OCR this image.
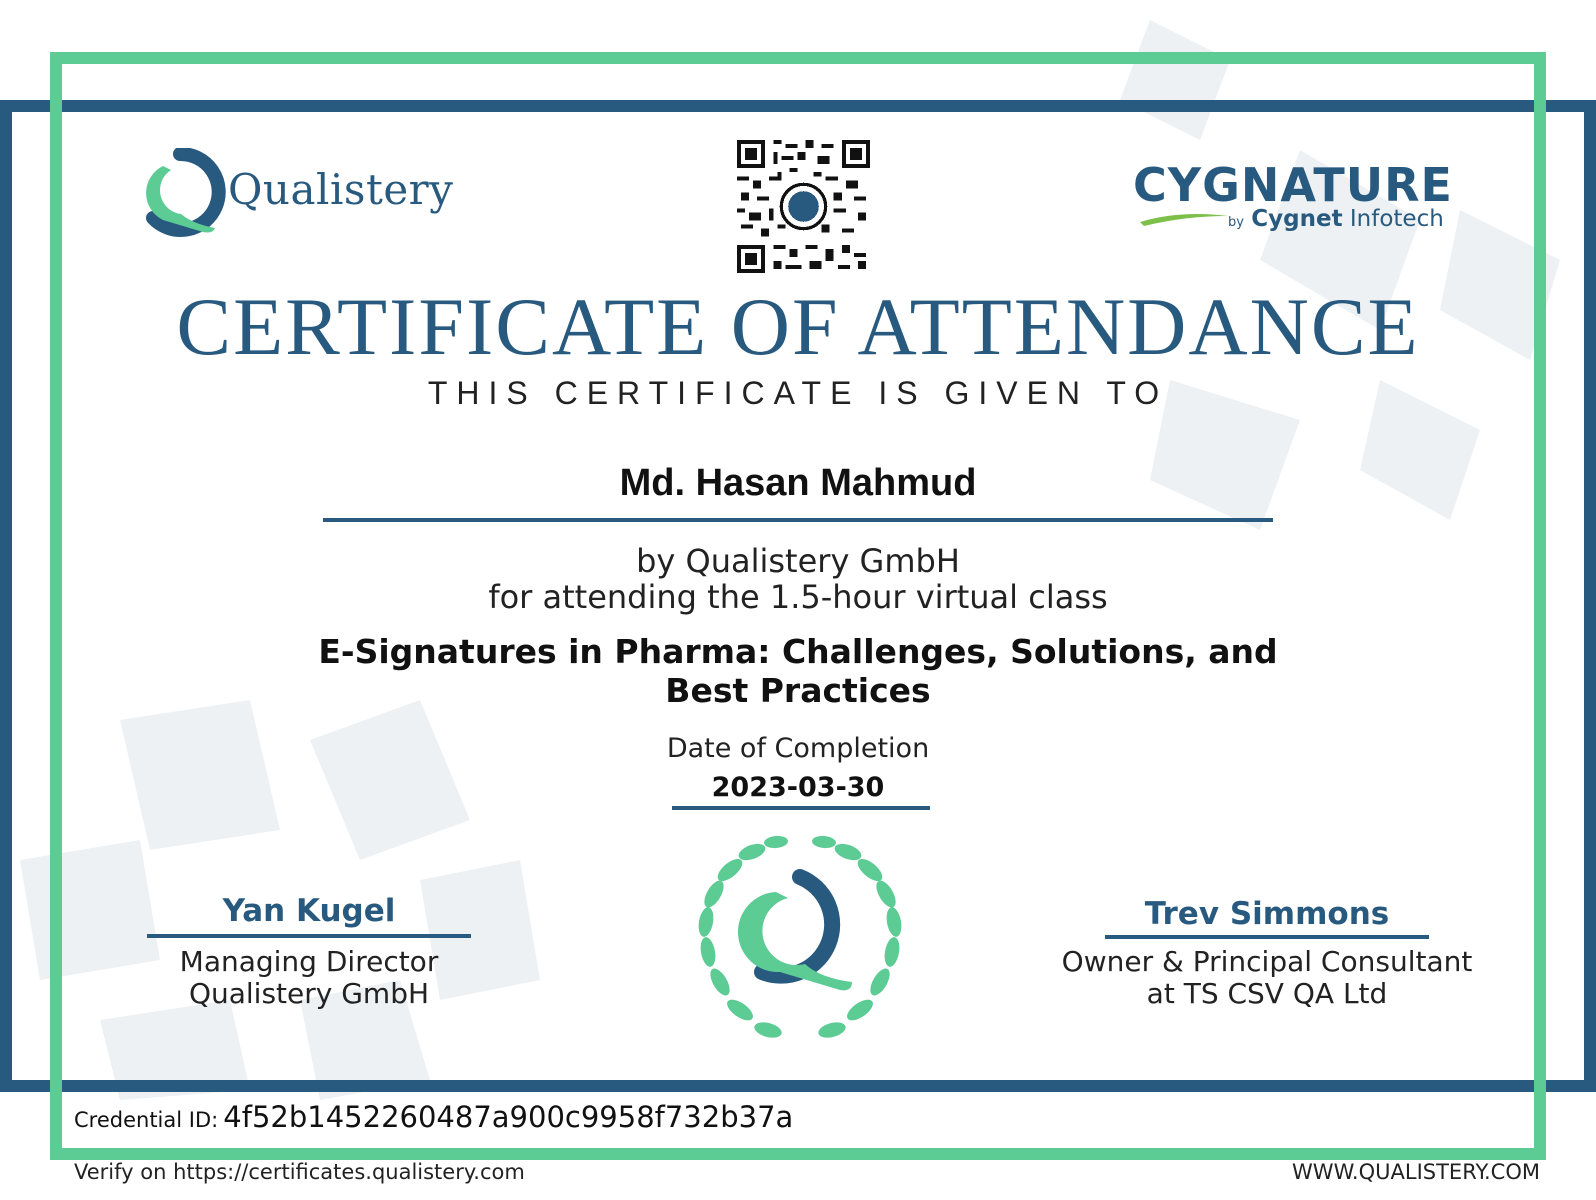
Qualistery	CYGNATURE
by Cygnet Infotech
CERTIFICATE OF ATTENDANCE
THIS CERTIFICATE IS GIVEN TO
Md. Hasan Mahmud
by Qualistery GmbH
for attending the 1.5-hour virtual class
E-Signatures in Pharma: Challenges, Solutions, and
Best Practices
Date of Completion
2023-03-30
Yan Kugel
Managing Director
Qualistery GmbH
Trev Simmons
Owner & Principal Consultant
at TS CSV QA Ltd
Credential ID: 4f52b1452260487a900c9958f732b37a
Verify on https://certificates.qualistery.com	WWW.QUALISTERY.COM
